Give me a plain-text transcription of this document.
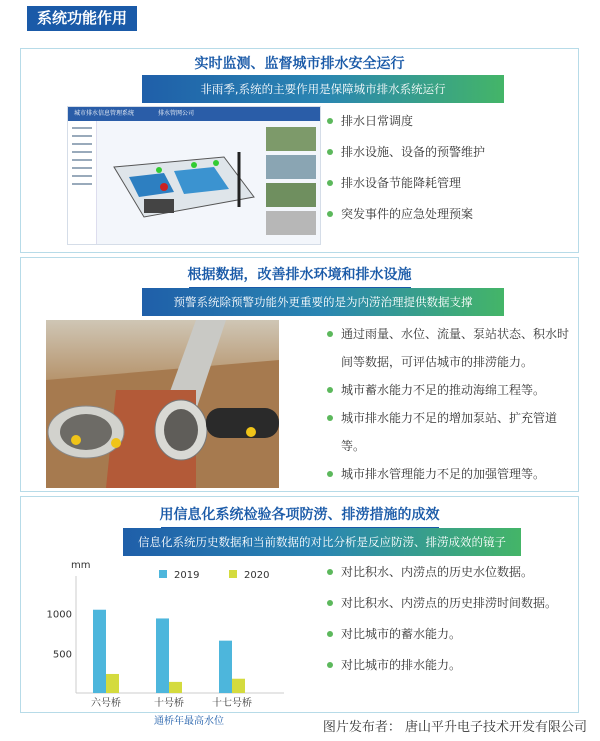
系统功能作用
实时监测、监督城市排水安全运行
非雨季,系统的主要作用是保障城市排水系统运行
城市排水信息管理系统	排水管网公司
排水日常调度
排水设施、设备的预警维护
排水设备节能降耗管理
突发事件的应急处理预案
根据数据，改善排水环境和排水设施
预警系统除预警功能外更重要的是为内涝治理提供数据支撑
通过雨量、水位、流量、泵站状态、积水时间等数据，可评估城市的排涝能力。
城市蓄水能力不足的推动海绵工程等。
城市排水能力不足的增加泵站、扩充管道等。
城市排水管理能力不足的加强管理等。
用信息化系统检验各项防涝、排涝措施的成效
信息化系统历史数据和当前数据的对比分析是反应防涝、排涝成效的镜子
对比积水、内涝点的历史水位数据。
对比积水、内涝点的历史排涝时间数据。
对比城市的蓄水能力。
对比城市的排水能力。
mm
2019	2020
500
1000
六号桥	十号桥	十七号桥
通桥年最高水位	图片发布者： 唐山平升电子技术开发有限公司
